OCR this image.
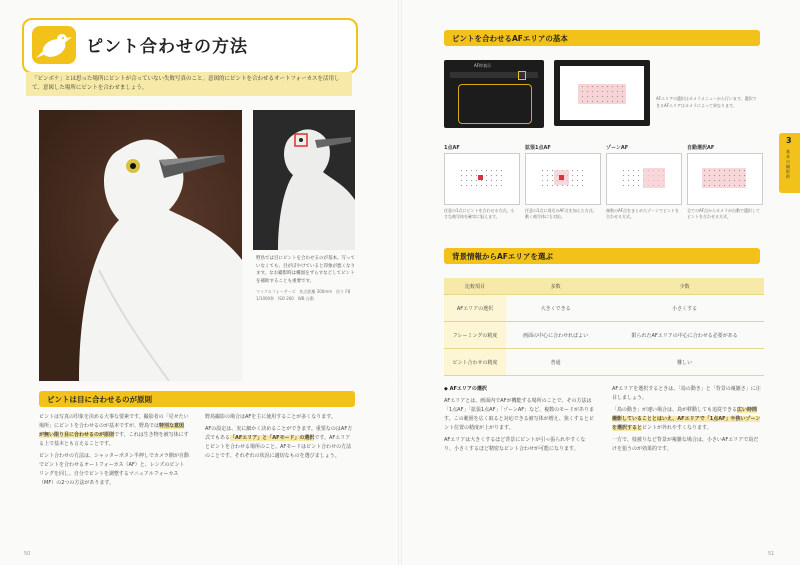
ピント合わせの方法
「ピンボケ」とは思った場所にピントが合っていない失敗写真のこと。意図的にピントを合わせるオートフォーカスを活用して、意図した場所にピントを合わせましょう。
野鳥では目にピントを合わせるのが基本。写っていなくても、目がぼやけていると印象が悪くなります。なお撮影時は構図をずらすなどしてピントを補助することも重要です。
マイクロフォーサーズ　焦点距離 300mm　絞り F8　1/1000秒　ISO 200　WB 自動
ピントは目に合わせるのが原則

ピントは写真の印象を決める大事な要素です。撮影者の「見せたい場所」にピントを合わせるのが基本ですが、野鳥では特別な意図が無い限り目に合わせるのが原則です。これは生き物を被写体にする上で基本とも言えることです。

ピント合わせの方法は、シャッターボタン半押しでカメラ側が自動でピントを合わせるオートフォーカス（AF）と、レンズのピントリングを回し、自分でピントを調整するマニュアルフォーカス（MF）の2つの方法があります。

野鳥撮影の場合はAFを主に使用することが多くなります。

AFの設定は、実に細かく決めることができます。重要なのはAF方式でもある「AFエリア」と「AFモード」の選択です。AFエリアとピントを合わせる場所のこと。AFモードはピント合わせの方法のことです。それぞれの状況に適切なものを選びましょう。

50
ピントを合わせるAFエリアの基本
AF枠表示
AFエリアの選択はカメラメニューから行います。選択できるAFエリアはカメラによって異なります。
1点AF
任意の1点にピントを合わせる方式。小さな被写体を確実に狙えます。
拡張1点AF
任意の1点に周辺のAF点を加えた方式。動く被写体にも対応。
ゾーンAF
複数のAF点をまとめたゾーンでピントを合わせる方式。
自動選択AF
全てのAF点からカメラが自動で選択してピントを合わせる方式。
背景情報からAFエリアを選ぶ
比較項目	多数	少数
AFエリアの選択	大きくできる	小さくする
フレーミングの精度	画面の中心に合わせればよい	限られたAFエリアの中心に合わせる必要がある
ピント合わせの精度	普通	難しい

◆ AFエリアの選択

AFエリアとは、画面内でAFが機能する場所のことで、その方法は「1点AF」「拡張1点AF」「ゾーンAF」など、複数のモードがあります。この範囲を広く取ると対応できる被写体が増え、狭くするとピント位置の精度が上がります。

AFエリアは大きくするほど背景にピントが引っ張られやすくなり、小さくするほど精密なピント合わせが可能になります。

AFエリアを選択するときは、「鳥の動き」と「背景の複雑さ」に注目しましょう。

「鳥の動き」が速い場合は、鳥が移動しても追従できる広い時間撮影していることとはいえ、AFエリアで「1点AF」や狭いゾーンを選択するとピントが外れやすくなります。

一方で、枝被りなど背景が複雑な場合は、小さいAFエリアで鳥だけを狙うのが効果的です。

51
3
基本の撮影術
